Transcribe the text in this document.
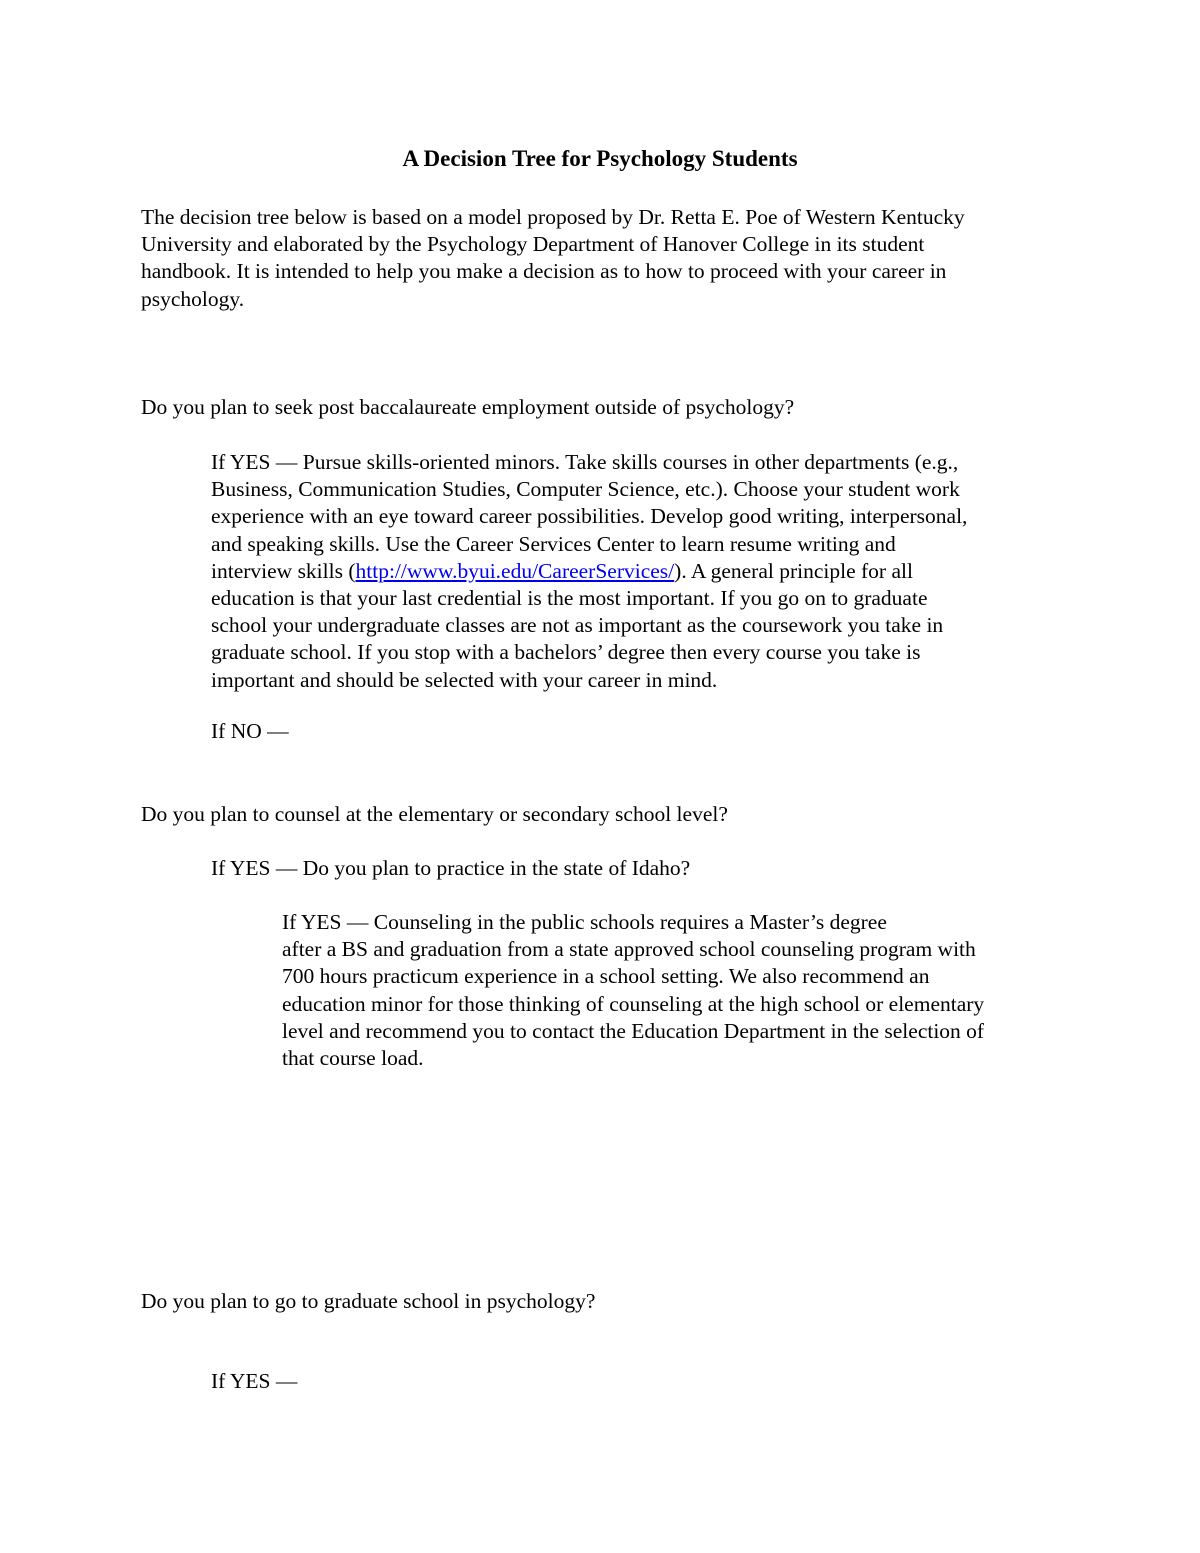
A Decision Tree for Psychology Students

The decision tree below is based on a model proposed by Dr. Retta E. Poe of Western Kentucky
University and elaborated by the Psychology Department of Hanover College in its student
handbook. It is intended to help you make a decision as to how to proceed with your career in
psychology.

Do you plan to seek post baccalaureate employment outside of psychology?

If YES — Pursue skills-oriented minors. Take skills courses in other departments (e.g.,
Business, Communication Studies, Computer Science, etc.). Choose your student work
experience with an eye toward career possibilities. Develop good writing, interpersonal,
and speaking skills. Use the Career Services Center to learn resume writing and
interview skills (http://www.byui.edu/CareerServices/). A general principle for all
education is that your last credential is the most important. If you go on to graduate
school your undergraduate classes are not as important as the coursework you take in
graduate school. If you stop with a bachelors’ degree then every course you take is
important and should be selected with your career in mind.

If NO —

Do you plan to counsel at the elementary or secondary school level?

If YES — Do you plan to practice in the state of Idaho?

If YES — Counseling in the public schools requires a Master’s degree
after a BS and graduation from a state approved school counseling program with
700 hours practicum experience in a school setting. We also recommend an
education minor for those thinking of counseling at the high school or elementary
level and recommend you to contact the Education Department in the selection of
that course load.

Do you plan to go to graduate school in psychology?

If YES —
